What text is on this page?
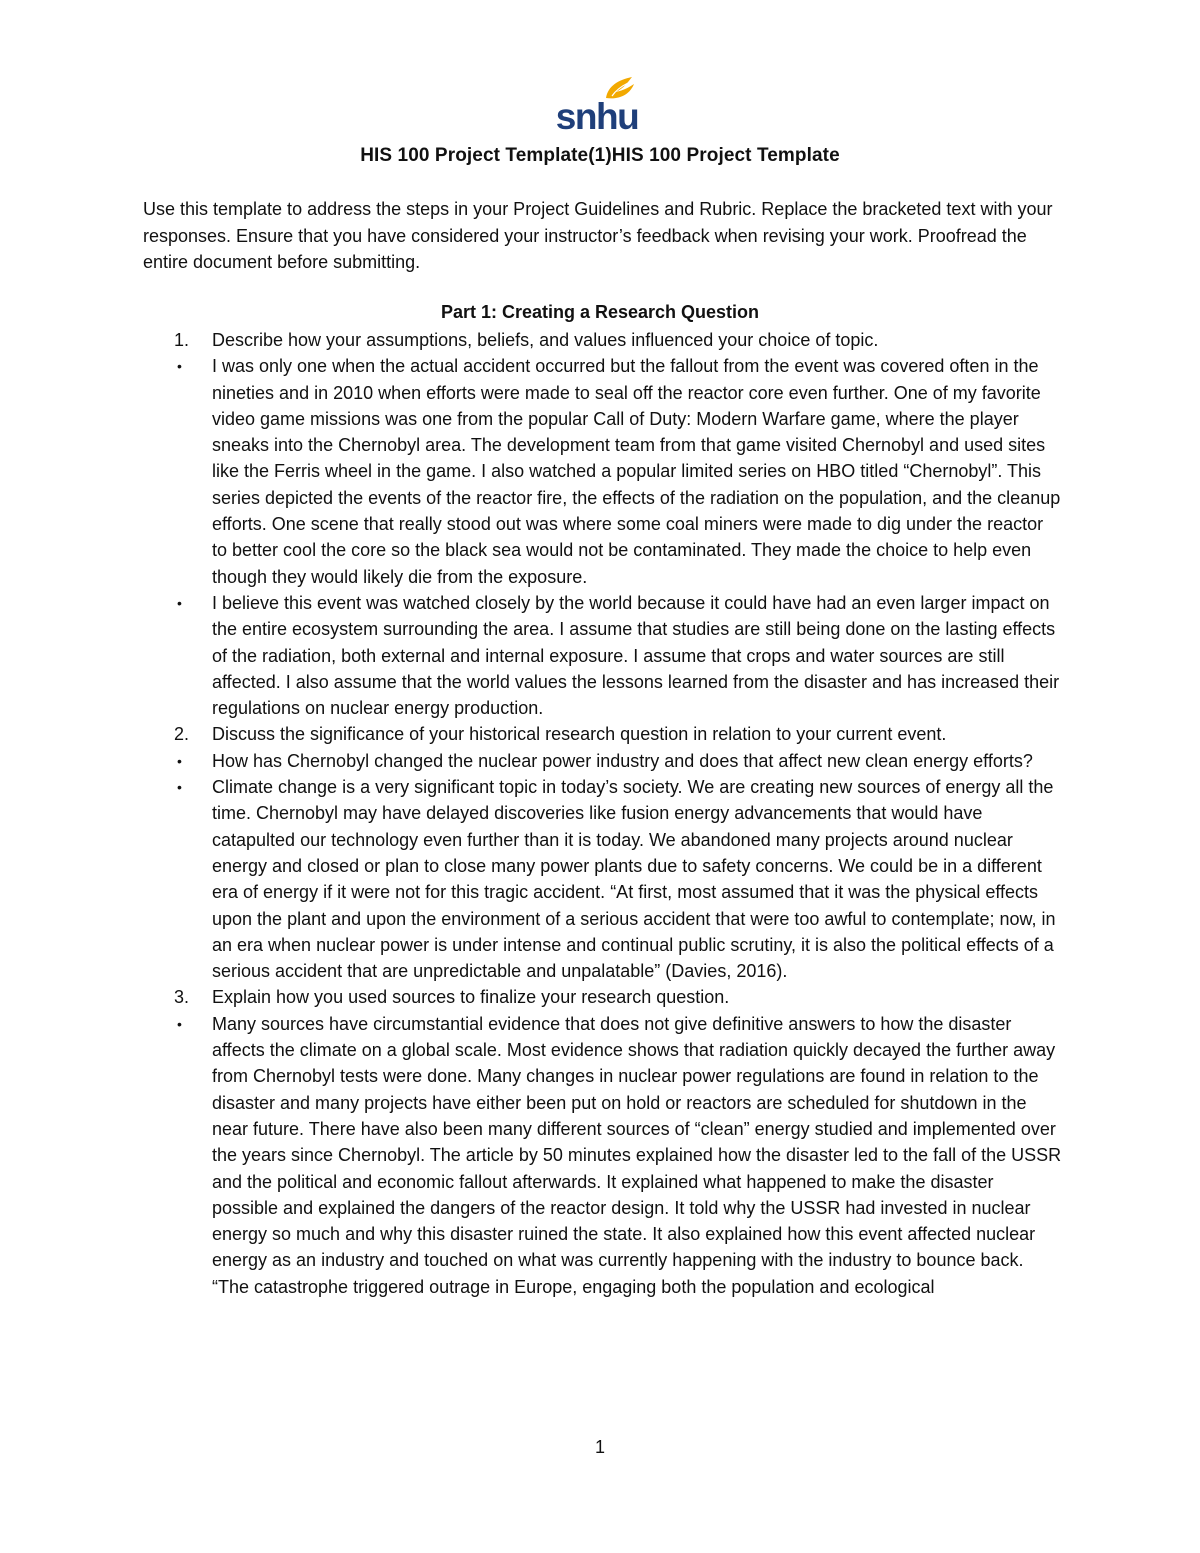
snhu
HIS 100 Project Template(1)HIS 100 Project Template

Use this template to address the steps in your Project Guidelines and Rubric. Replace the bracketed text with your responses. Ensure that you have considered your instructor’s feedback when revising your work. Proofread the entire document before submitting.

Part 1: Creating a Research Question
1. Describe how your assumptions, beliefs, and values influenced your choice of topic.
• I was only one when the actual accident occurred but the fallout from the event was covered often in the nineties and in 2010 when efforts were made to seal off the reactor core even further. One of my favorite video game missions was one from the popular Call of Duty: Modern Warfare game, where the player sneaks into the Chernobyl area. The development team from that game visited Chernobyl and used sites like the Ferris wheel in the game. I also watched a popular limited series on HBO titled “Chernobyl”. This series depicted the events of the reactor fire, the effects of the radiation on the population, and the cleanup efforts. One scene that really stood out was where some coal miners were made to dig under the reactor to better cool the core so the black sea would not be contaminated. They made the choice to help even though they would likely die from the exposure.
• I believe this event was watched closely by the world because it could have had an even larger impact on the entire ecosystem surrounding the area. I assume that studies are still being done on the lasting effects of the radiation, both external and internal exposure. I assume that crops and water sources are still affected. I also assume that the world values the lessons learned from the disaster and has increased their regulations on nuclear energy production.
2. Discuss the significance of your historical research question in relation to your current event.
• How has Chernobyl changed the nuclear power industry and does that affect new clean energy efforts?
• Climate change is a very significant topic in today’s society. We are creating new sources of energy all the time. Chernobyl may have delayed discoveries like fusion energy advancements that would have catapulted our technology even further than it is today. We abandoned many projects around nuclear energy and closed or plan to close many power plants due to safety concerns. We could be in a different era of energy if it were not for this tragic accident. “At first, most assumed that it was the physical effects upon the plant and upon the environment of a serious accident that were too awful to contemplate; now, in an era when nuclear power is under intense and continual public scrutiny, it is also the political effects of a serious accident that are unpredictable and unpalatable” (Davies, 2016).
3. Explain how you used sources to finalize your research question.
• Many sources have circumstantial evidence that does not give definitive answers to how the disaster affects the climate on a global scale. Most evidence shows that radiation quickly decayed the further away from Chernobyl tests were done. Many changes in nuclear power regulations are found in relation to the disaster and many projects have either been put on hold or reactors are scheduled for shutdown in the near future. There have also been many different sources of “clean” energy studied and implemented over the years since Chernobyl. The article by 50 minutes explained how the disaster led to the fall of the USSR and the political and economic fallout afterwards. It explained what happened to make the disaster possible and explained the dangers of the reactor design. It told why the USSR had invested in nuclear energy so much and why this disaster ruined the state. It also explained how this event affected nuclear energy as an industry and touched on what was currently happening with the industry to bounce back. “The catastrophe triggered outrage in Europe, engaging both the population and ecological
1
